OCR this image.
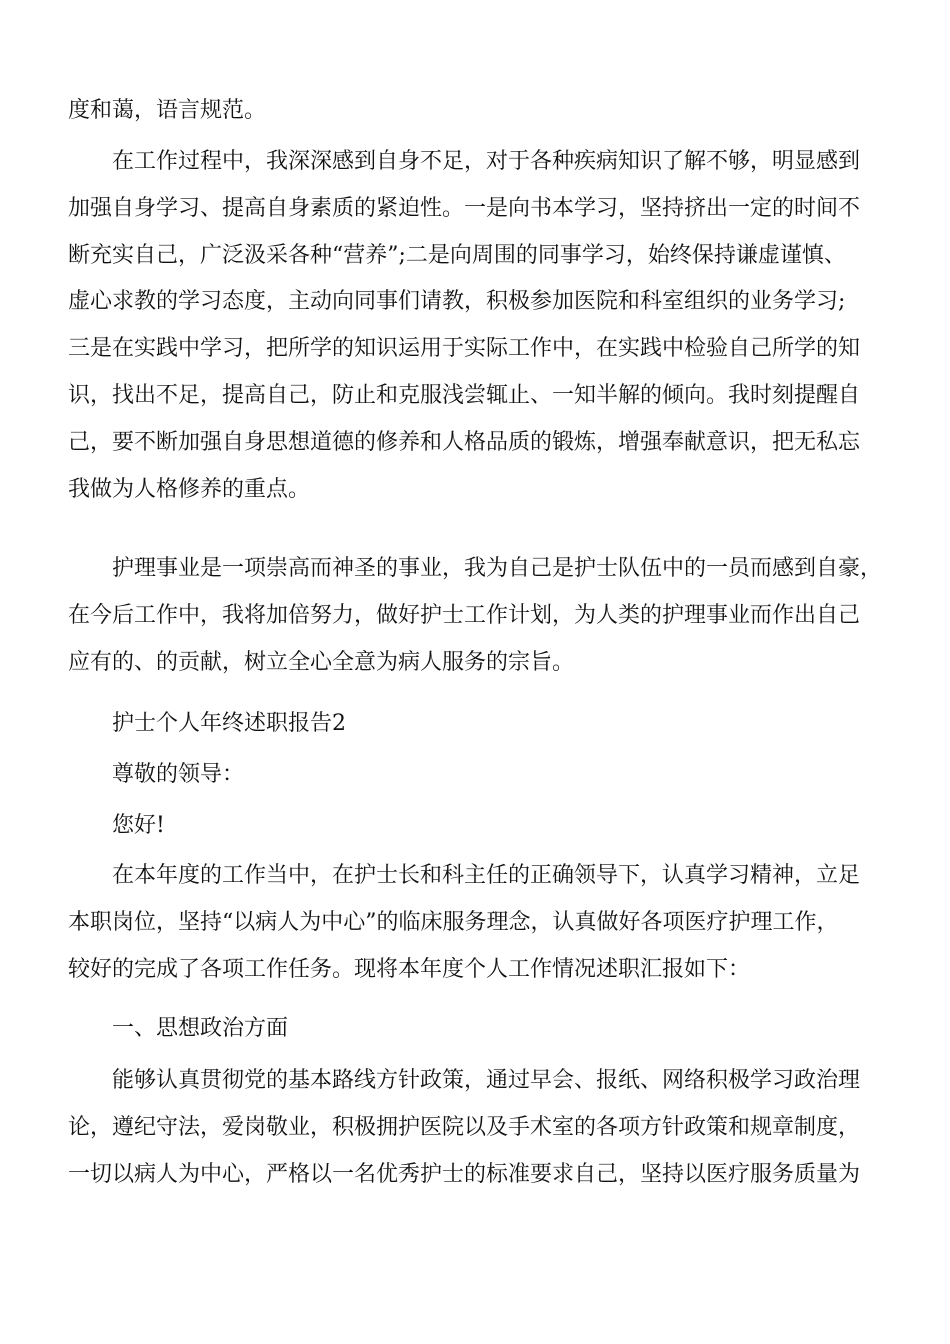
度和蔼，语言规范。

在工作过程中，我深深感到自身不足，对于各种疾病知识了解不够，明显感到
加强自身学习、提高自身素质的紧迫性。一是向书本学习，坚持挤出一定的时间不
断充实自己，广泛汲采各种“营养”;二是向周围的同事学习，始终保持谦虚谨慎、
虚心求教的学习态度，主动向同事们请教，积极参加医院和科室组织的业务学习;
三是在实践中学习，把所学的知识运用于实际工作中，在实践中检验自己所学的知
识，找出不足，提高自己，防止和克服浅尝辄止、一知半解的倾向。我时刻提醒自
己，要不断加强自身思想道德的修养和人格品质的锻炼，增强奉献意识，把无私忘
我做为人格修养的重点。

护理事业是一项崇高而神圣的事业，我为自己是护士队伍中的一员而感到自豪，
在今后工作中，我将加倍努力，做好护士工作计划，为人类的护理事业而作出自己
应有的、的贡献，树立全心全意为病人服务的宗旨。

护士个人年终述职报告2

尊敬的领导：

您好!

在本年度的工作当中，在护士长和科主任的正确领导下，认真学习精神，立足
本职岗位，坚持“以病人为中心”的临床服务理念，认真做好各项医疗护理工作，
较好的完成了各项工作任务。现将本年度个人工作情况述职汇报如下：

一、思想政治方面

能够认真贯彻党的基本路线方针政策，通过早会、报纸、网络积极学习政治理
论，遵纪守法，爱岗敬业，积极拥护医院以及手术室的各项方针政策和规章制度，
一切以病人为中心，严格以一名优秀护士的标准要求自己，坚持以医疗服务质量为
